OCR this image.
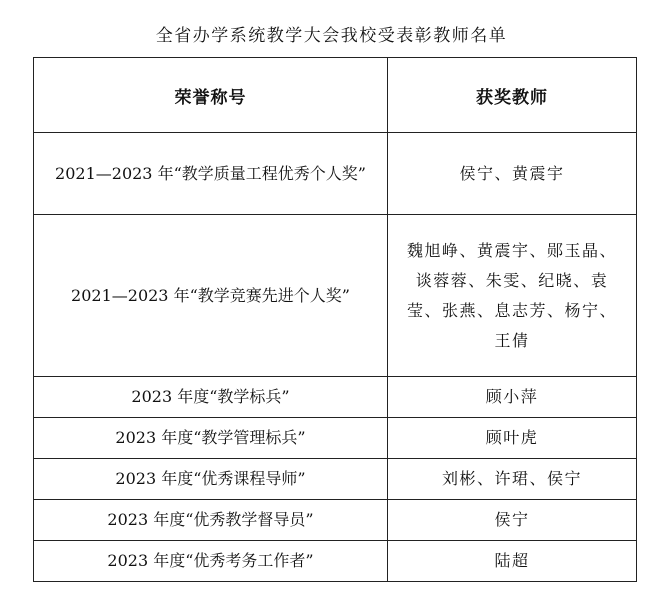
全省办学系统教学大会我校受表彰教师名单
荣誉称号	获奖教师

2021—2023 年“教学质量工程优秀个人奖”	侯宁、黄震宇

2021—2023 年“教学竞赛先进个人奖”	魏旭峥、黄震宇、郧玉晶、谈蓉蓉、朱雯、纪晓、袁莹、张燕、息志芳、杨宁、王倩

2023 年度“教学标兵”	顾小萍

2023 年度“教学管理标兵”	顾叶虎

2023 年度“优秀课程导师”	刘彬、许珺、侯宁

2023 年度“优秀教学督导员”	侯宁

2023 年度“优秀考务工作者”	陆超
